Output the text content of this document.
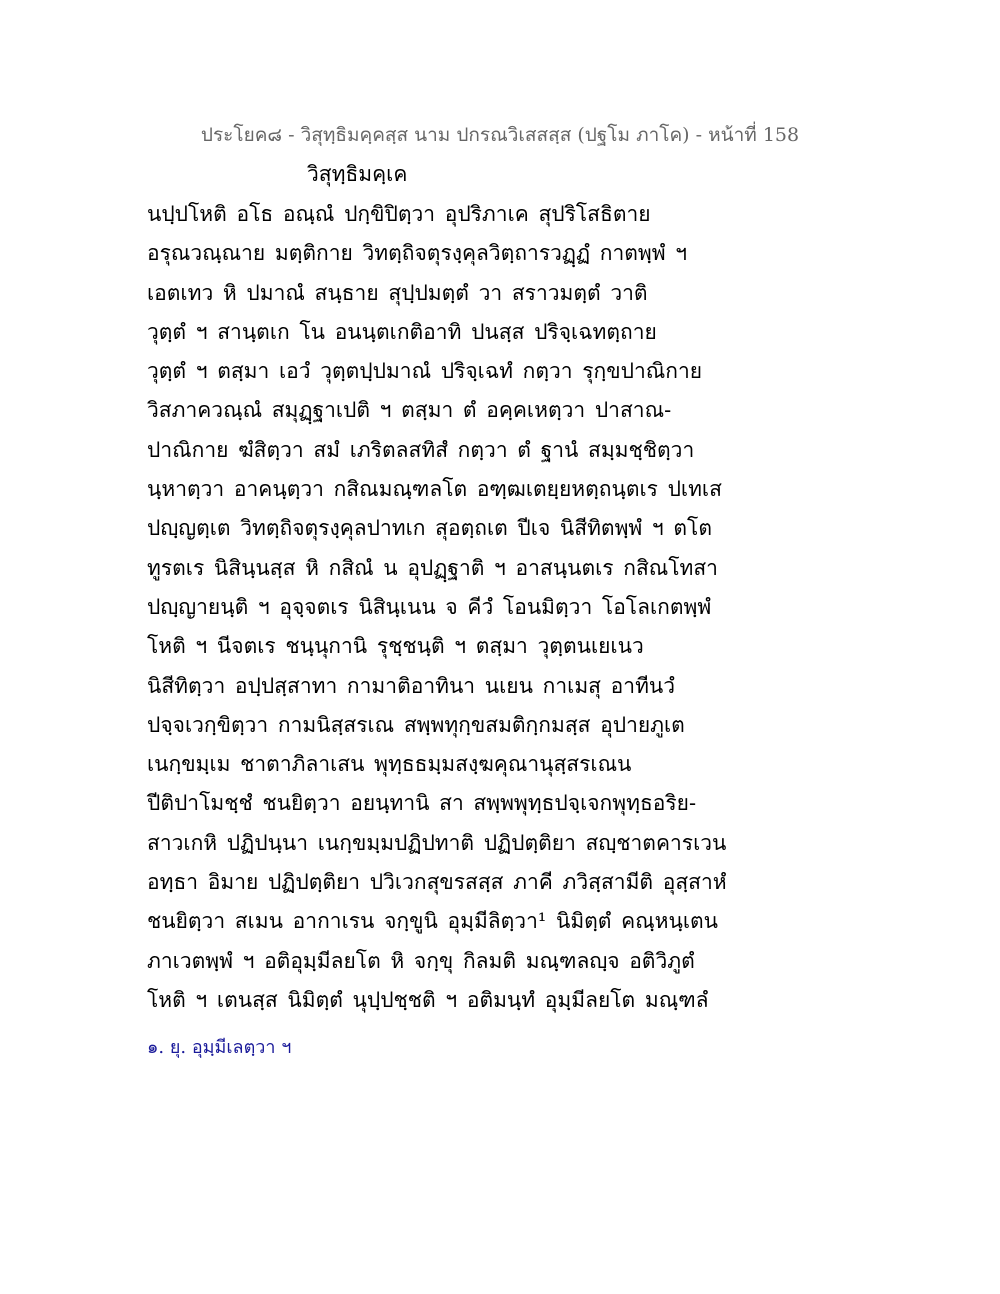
ประโยค๘ - วิสุทฺธิมคฺคสฺส นาม ปกรณวิเสสสฺส (ปฐโม ภาโค) - หน้าที่ 158
วิสุทฺธิมคฺเค
นปฺปโหติ อโธ อณฺณํ ปกฺขิปิตฺวา อุปริภาเค สุปริโสธิตาย
อรุณวณฺณาย มตฺติกาย วิทตฺถิจตุรงฺคุลวิตฺถารวฏฺฏํ กาตพฺพํ ฯ
เอตเทว หิ ปมาณํ สนฺธาย สุปฺปมตฺตํ วา สราวมตฺตํ วาติ
วุตฺตํ ฯ สานฺตเก โน อนนฺตเกติอาทิ ปนสฺส ปริจฺเฉทตฺถาย
วุตฺตํ ฯ ตสฺมา เอวํ วุตฺตปฺปมาณํ ปริจฺเฉทํ กตฺวา รุกฺขปาณิกาย
วิสภาควณฺณํ สมุฏฺฐาเปติ ฯ ตสฺมา ตํ อคฺคเหตฺวา ปาสาณ-
ปาณิกาย ฆํสิตฺวา สมํ เภริตลสทิสํ กตฺวา ตํ ฐานํ สมฺมชฺชิตฺวา
นฺหาตฺวา อาคนฺตฺวา กสิณมณฺฑลโต อฑฺฒเตยฺยหตฺถนฺตเร ปเทเส
ปญฺญตฺเต วิทตฺถิจตุรงฺคุลปาทเก สุอตฺถเต ปีเจ นิสีทิตพฺพํ ฯ ตโต
ทูรตเร นิสินฺนสฺส หิ กสิณํ น อุปฏฺฐาติ ฯ อาสนฺนตเร กสิณโทสา
ปญฺญายนฺติ ฯ อุจฺจตเร นิสินฺเนน จ คีวํ โอนมิตฺวา โอโลเกตพฺพํ
โหติ ฯ นีจตเร ชนฺนุกานิ รุชฺชนฺติ ฯ ตสฺมา วุตฺตนเยเนว
นิสีทิตฺวา อปฺปสฺสาทา กามาติอาทินา นเยน กาเมสุ อาทีนวํ
ปจฺจเวกฺขิตฺวา กามนิสฺสรเณ สพฺพทุกฺขสมติกฺกมสฺส อุปายภูเต
เนกฺขมฺเม ชาตาภิลาเสน พุทฺธธมฺมสงฺฆคุณานุสฺสรเณน
ปีติปาโมชฺชํ ชนยิตฺวา อยนฺทานิ สา สพฺพพุทฺธปจฺเจกพุทฺธอริย-
สาวเกหิ ปฏิปนฺนา เนกฺขมฺมปฏิปทาติ ปฏิปตฺติยา สญฺชาตคารเวน
อทฺธา อิมาย ปฏิปตฺติยา ปวิเวกสุขรสสฺส ภาคี ภวิสฺสามีติ อุสฺสาหํ
ชนยิตฺวา สเมน อากาเรน จกฺขูนิ อุมฺมีลิตฺวา¹ นิมิตฺตํ คณฺหนฺเตน
ภาเวตพฺพํ ฯ อติอุมฺมีลยโต หิ จกฺขุ กิลมติ มณฺฑลญฺจ อติวิภูตํ
โหติ ฯ เตนสฺส นิมิตฺตํ นุปฺปชฺชติ ฯ อติมนฺทํ อุมฺมีลยโต มณฺฑลํ
๑. ยุ. อุมฺมีเลตฺวา ฯ
